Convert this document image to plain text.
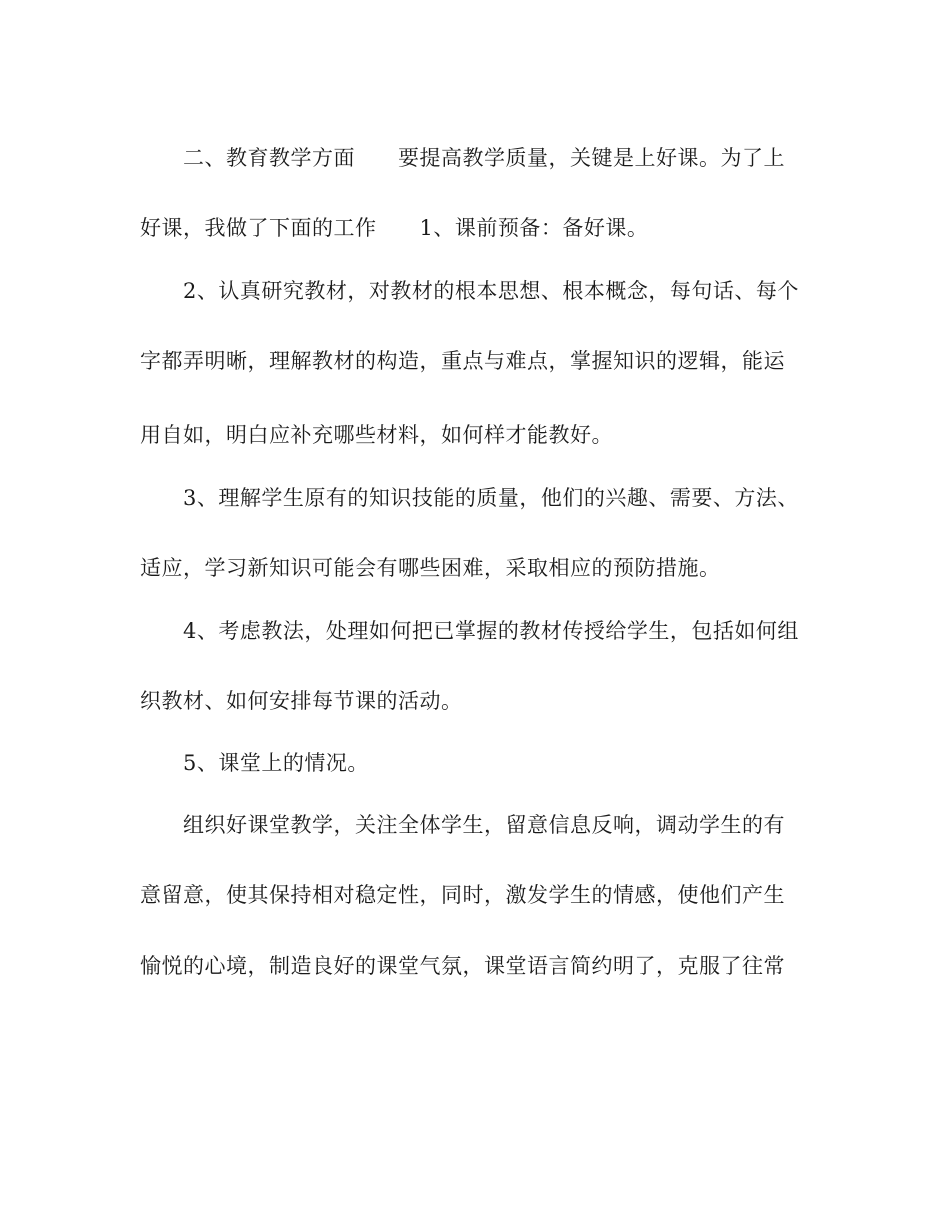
二、教育教学方面　　要提高教学质量，关键是上好课。为了上
好课，我做了下面的工作　　1、课前预备：备好课。
2、认真研究教材，对教材的根本思想、根本概念，每句话、每个
字都弄明晰，理解教材的构造，重点与难点，掌握知识的逻辑，能运
用自如，明白应补充哪些材料，如何样才能教好。
3、理解学生原有的知识技能的质量，他们的兴趣、需要、方法、
适应，学习新知识可能会有哪些困难，采取相应的预防措施。
4、考虑教法，处理如何把已掌握的教材传授给学生，包括如何组
织教材、如何安排每节课的活动。
5、课堂上的情况。
组织好课堂教学，关注全体学生，留意信息反响，调动学生的有
意留意，使其保持相对稳定性，同时，激发学生的情感，使他们产生
愉悦的心境，制造良好的课堂气氛，课堂语言简约明了，克服了往常
